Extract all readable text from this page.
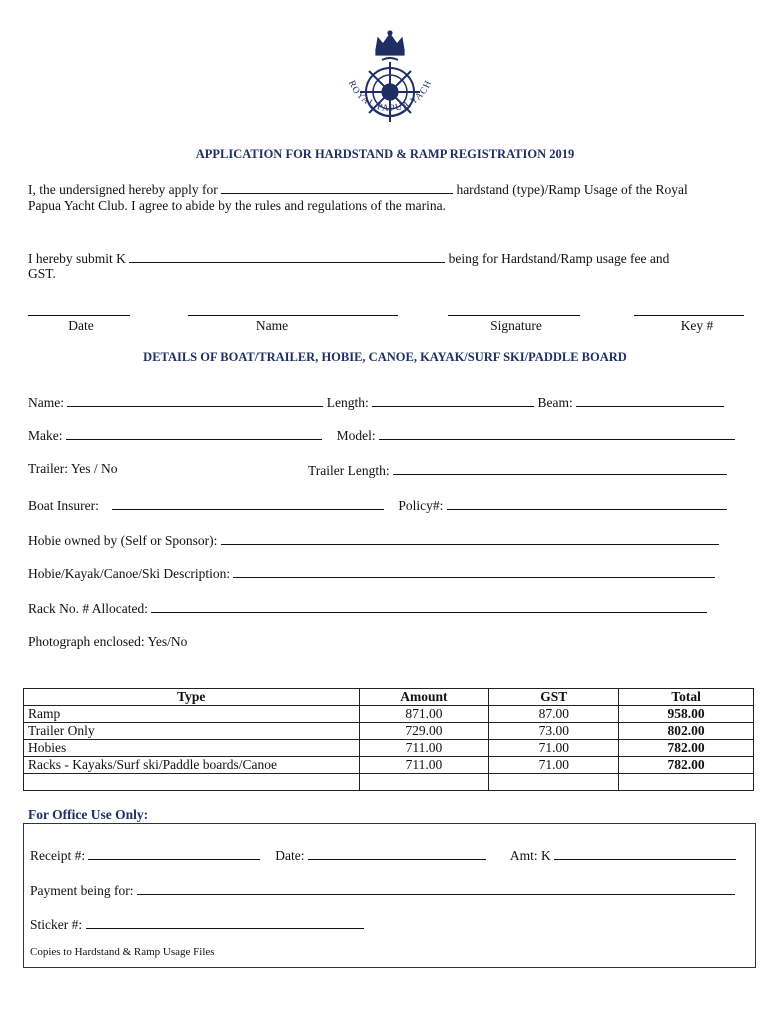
ROYAL PAPUA YACH
APPLICATION FOR HARDSTAND & RAMP REGISTRATION 2019
I, the undersigned hereby apply for	hardstand (type)/Ramp Usage of the Royal
Papua Yacht Club. I agree to abide by the rules and regulations of the marina.
I hereby submit K	being for Hardstand/Ramp usage fee and
GST.
Date	Name	Signature	Key #
DETAILS OF BOAT/TRAILER, HOBIE, CANOE, KAYAK/SURF SKI/PADDLE BOARD
Name:	Length:	Beam:
Make:	Model:
Trailer: Yes / No	Trailer Length:
Boat Insurer:	Policy#:
Hobie owned by (Self or Sponsor):
Hobie/Kayak/Canoe/Ski Description:
Rack No. # Allocated:
Photograph enclosed: Yes/No
Type	Amount	GST	Total
Ramp	871.00	87.00	958.00
Trailer Only	729.00	73.00	802.00
Hobies	711.00	71.00	782.00
Racks - Kayaks/Surf ski/Paddle boards/Canoe	711.00	71.00	782.00

For Office Use Only:
Receipt #:	Date:	Amt: K
Payment being for:
Sticker #:
Copies to Hardstand & Ramp Usage Files
